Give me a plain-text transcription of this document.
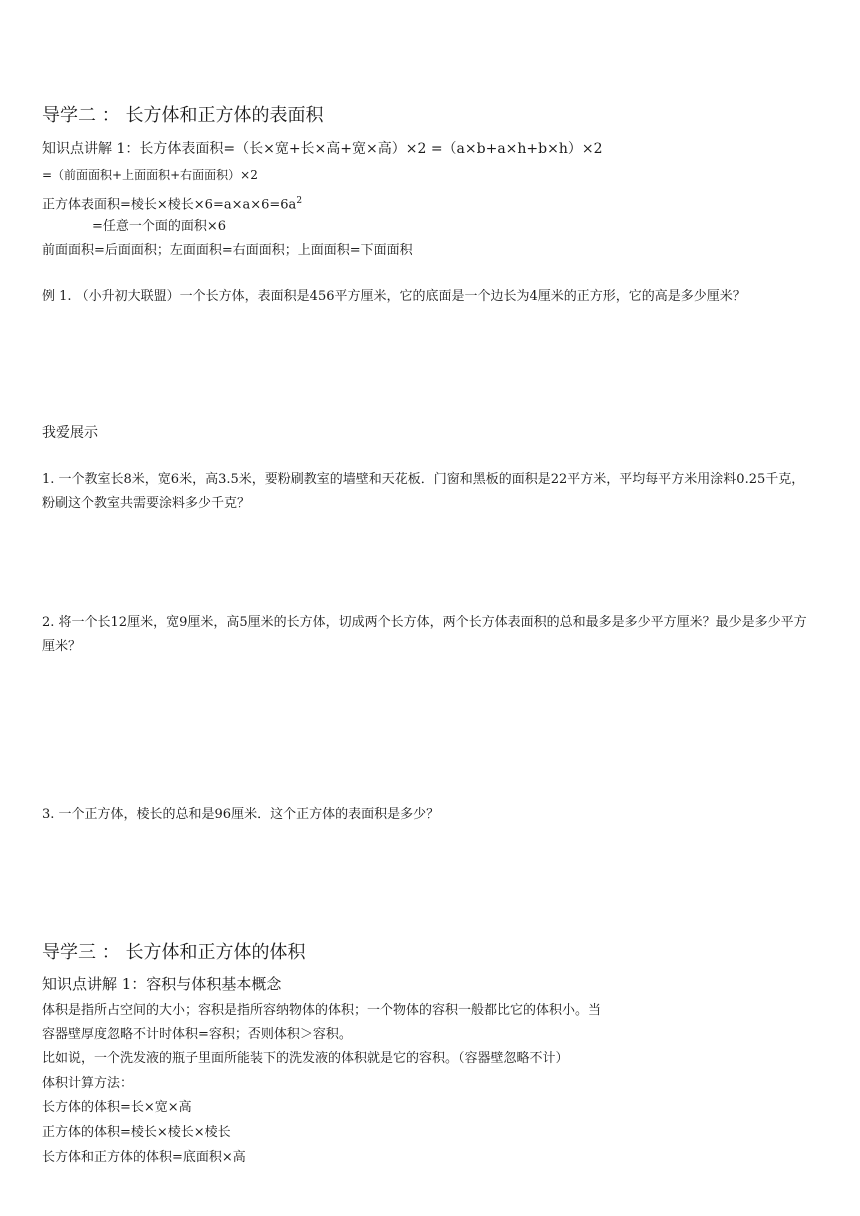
导学二 ： 长方体和正方体的表面积
知识点讲解 1：长方体表面积=（长×宽+长×高+宽×高）×2 =（a×b+a×h+b×h）×2
=（前面面积+上面面积+右面面积）×2
正方体表面积=棱长×棱长$\times 6=a\times a\times 6=6a^2$
=任意一个面的面积×6
前面面积=后面面积；左面面积=右面面积；上面面积=下面面积
例 1. （小升初大联盟）一个长方体，表面积是456平方厘米，它的底面是一个边长为4厘米的正方形，它的高是多少厘米？
我爱展示
1. 一个教室长8米，宽6米，高3.5米，要粉刷教室的墙壁和天花板．门窗和黑板的面积是22平方米，平均每平方米用涂料0.25千克，粉刷这个教室共需要涂料多少千克？
2. 将一个长12厘米，宽9厘米，高5厘米的长方体，切成两个长方体，两个长方体表面积的总和最多是多少平方厘米？最少是多少平方厘米？
3. 一个正方体，棱长的总和是96厘米．这个正方体的表面积是多少？
导学三 ： 长方体和正方体的体积
知识点讲解 1：容积与体积基本概念
体积是指所占空间的大小；容积是指所容纳物体的体积；一个物体的容积一般都比它的体积小。当
容器壁厚度忽略不计时体积=容积；否则体积＞容积。
比如说，一个洗发液的瓶子里面所能装下的洗发液的体积就是它的容积。（容器壁忽略不计）
体积计算方法：
长方体的体积=长×宽×高
正方体的体积=棱长×棱长×棱长
长方体和正方体的体积=底面积×高
